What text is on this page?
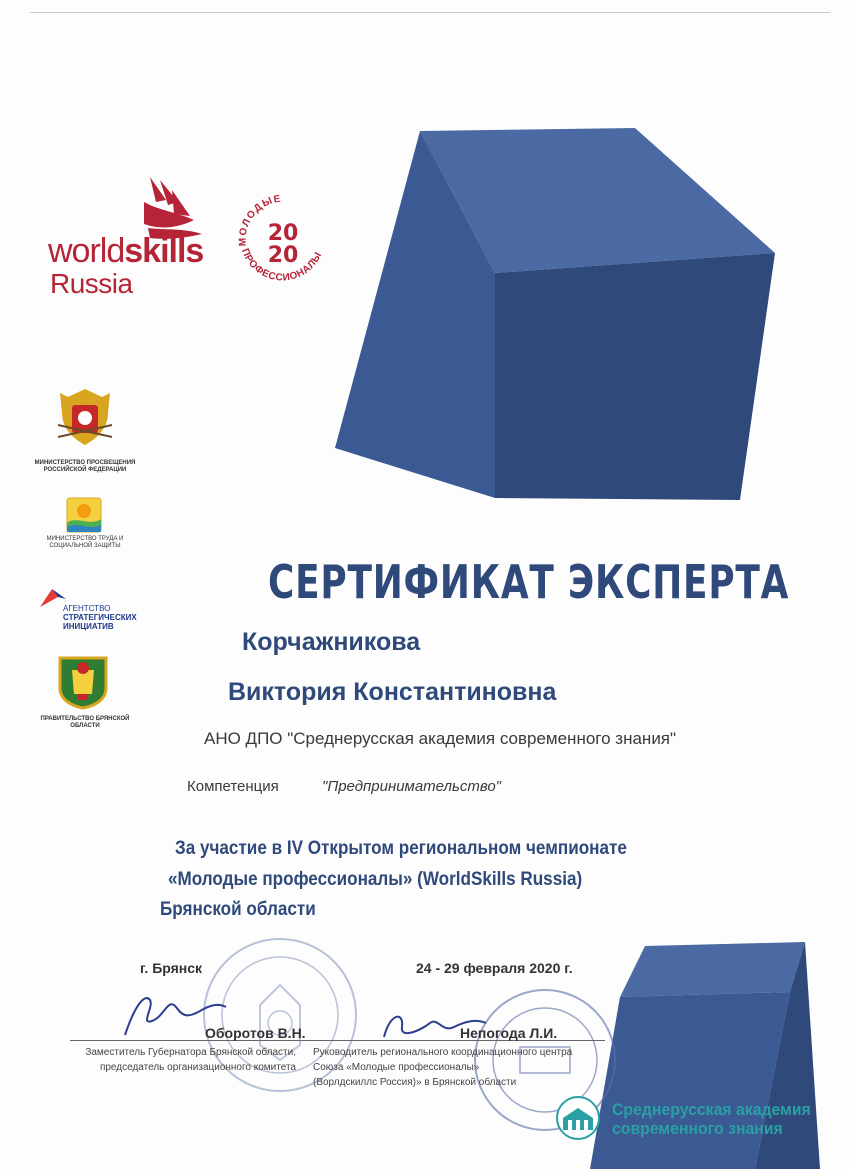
worldskills
Russia
МОЛОДЫЕ
ПРОФЕССИОНАЛЫ
20
20
МИНИСТЕРСТВО ПРОСВЕЩЕНИЯ РОССИЙСКОЙ ФЕДЕРАЦИИ
МИНИСТЕРСТВО ТРУДА И СОЦИАЛЬНОЙ ЗАЩИТЫ
АГЕНТСТВО
СТРАТЕГИЧЕСКИХ
ИНИЦИАТИВ
ПРАВИТЕЛЬСТВО БРЯНСКОЙ ОБЛАСТИ
СЕРТИФИКАТ ЭКСПЕРТА
Корчажникова
Виктория Константиновна
АНО ДПО "Среднерусская академия современного знания"
Компетенция	"Предпринимательство"
За участие в IV Открытом региональном чемпионате
«Молодые профессионалы» (WorldSkills Russia)
Брянской области
г. Брянск	24 - 29 февраля 2020 г.
Оборотов В.Н.	Непогода Л.И.
Заместитель Губернатора Брянской области,
председатель организационного комитета
Руководитель регионального координационного центра
Союза «Молодые профессионалы»
(Ворлдскиллс Россия)» в Брянской области
Среднерусская академия
современного знания
